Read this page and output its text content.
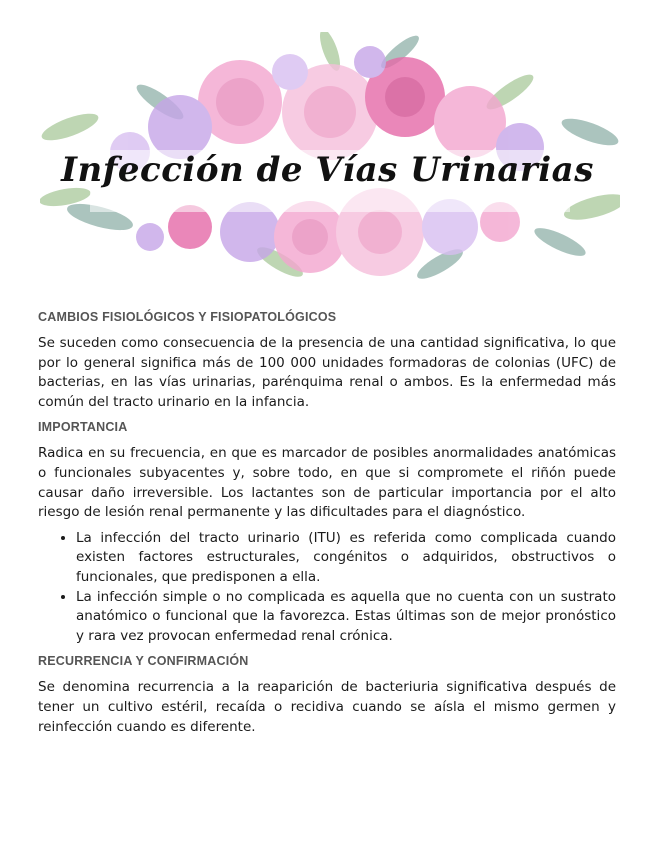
Infección de Vías Urinarias
CAMBIOS FISIOLÓGICOS Y FISIOPATOLÓGICOS

Se suceden como consecuencia de la presencia de una cantidad significativa, lo que por lo general significa más de 100 000 unidades formadoras de colonias (UFC) de bacterias, en las vías urinarias, parénquima renal o ambos. Es la enfermedad más común del tracto urinario en la infancia.

IMPORTANCIA

Radica en su frecuencia, en que es marcador de posibles anormalidades anatómicas o funcionales subyacentes y, sobre todo, en que si compromete el riñón puede causar daño irreversible. Los lactantes son de particular importancia por el alto riesgo de lesión renal permanente y las dificultades para el diagnóstico.

• La infección del tracto urinario (ITU) es referida como complicada cuando existen factores estructurales, congénitos o adquiridos, obstructivos o funcionales, que predisponen a ella.
• La infección simple o no complicada es aquella que no cuenta con un sustrato anatómico o funcional que la favorezca. Estas últimas son de mejor pronóstico y rara vez provocan enfermedad renal crónica.
RECURRENCIA Y CONFIRMACIÓN

Se denomina recurrencia a la reaparición de bacteriuria significativa después de tener un cultivo estéril, recaída o recidiva cuando se aísla el mismo germen y reinfección cuando es diferente.
